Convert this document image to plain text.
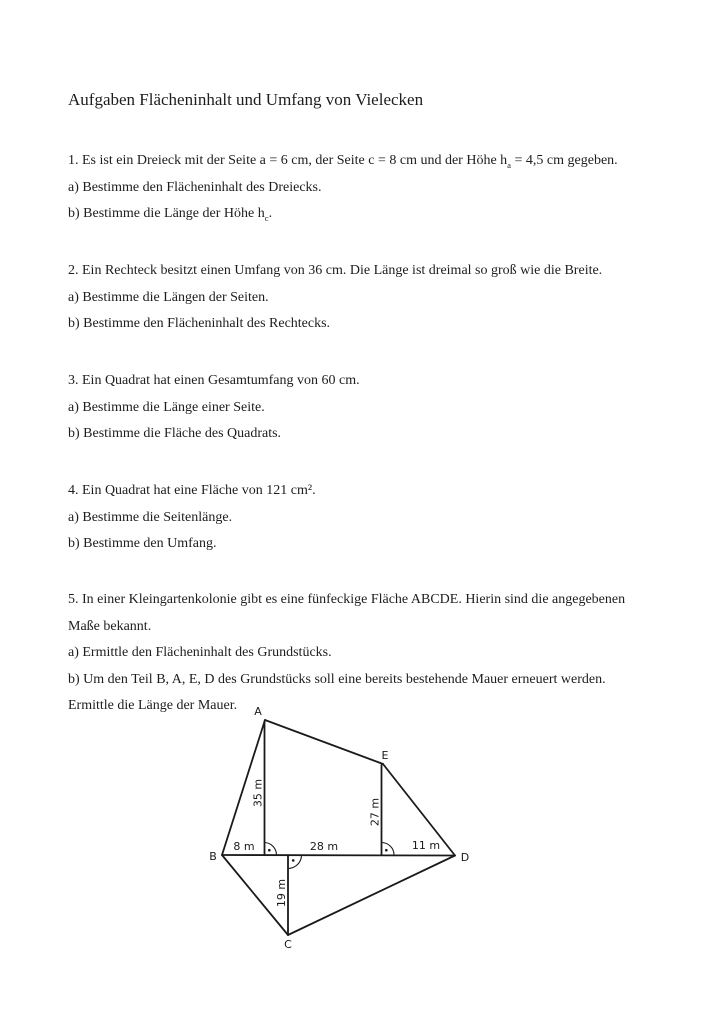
Aufgaben Flächeninhalt und Umfang von Vielecken
1. Es ist ein Dreieck mit der Seite a = 6 cm, der Seite c = 8 cm und der Höhe $h_a = 4,5$ cm gegeben.
a) Bestimme den Flächeninhalt des Dreiecks.
b) Bestimme die Länge der Höhe $h_c$.
2. Ein Rechteck besitzt einen Umfang von 36 cm. Die Länge ist dreimal so groß wie die Breite.
a) Bestimme die Längen der Seiten.
b) Bestimme den Flächeninhalt des Rechtecks.
3. Ein Quadrat hat einen Gesamtumfang von 60 cm.
a) Bestimme die Länge einer Seite.
b) Bestimme die Fläche des Quadrats.
4. Ein Quadrat hat eine Fläche von 121 cm².
a) Bestimme die Seitenlänge.
b) Bestimme den Umfang.
5. In einer Kleingartenkolonie gibt es eine fünfeckige Fläche ABCDE. Hierin sind die angegebenen
Maße bekannt.
a) Ermittle den Flächeninhalt des Grundstücks.
b) Um den Teil B, A, E, D des Grundstücks soll eine bereits bestehende Mauer erneuert werden.
Ermittle die Länge der Mauer.	A
B
C
D
E
8 m	28 m	11 m
35 m
27 m
19 m
